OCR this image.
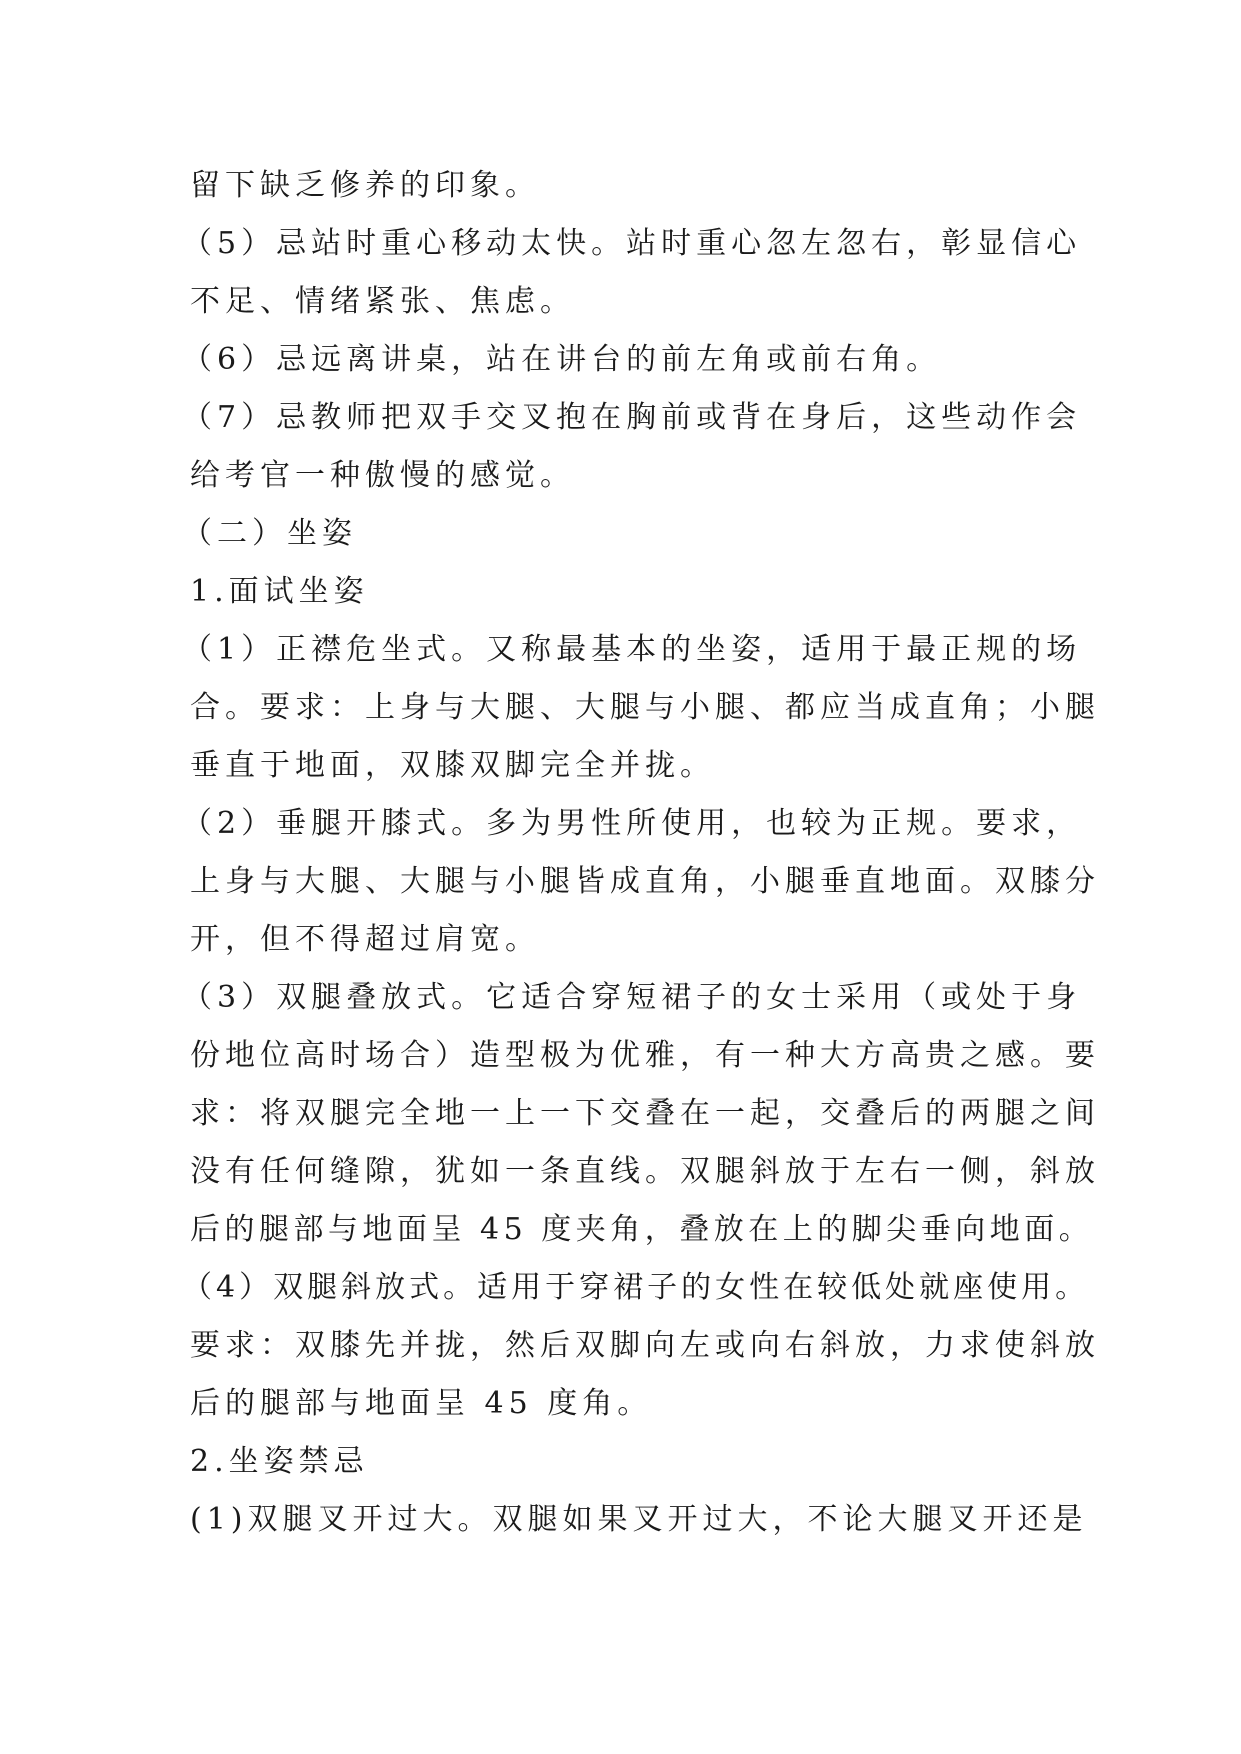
留下缺乏修养的印象。
（5）忌站时重心移动太快。站时重心忽左忽右，彰显信心
不足、情绪紧张、焦虑。
（6）忌远离讲桌，站在讲台的前左角或前右角。
（7）忌教师把双手交叉抱在胸前或背在身后，这些动作会
给考官一种傲慢的感觉。
（二）坐姿
1.面试坐姿
（1）正襟危坐式。又称最基本的坐姿，适用于最正规的场
合。要求：上身与大腿、大腿与小腿、都应当成直角；小腿
垂直于地面，双膝双脚完全并拢。
（2）垂腿开膝式。多为男性所使用，也较为正规。要求，
上身与大腿、大腿与小腿皆成直角，小腿垂直地面。双膝分
开，但不得超过肩宽。
（3）双腿叠放式。它适合穿短裙子的女士采用（或处于身
份地位高时场合）造型极为优雅，有一种大方高贵之感。要
求：将双腿完全地一上一下交叠在一起，交叠后的两腿之间
没有任何缝隙，犹如一条直线。双腿斜放于左右一侧，斜放
后的腿部与地面呈 45 度夹角，叠放在上的脚尖垂向地面。
（4）双腿斜放式。适用于穿裙子的女性在较低处就座使用。
要求：双膝先并拢，然后双脚向左或向右斜放，力求使斜放
后的腿部与地面呈 45 度角。
2.坐姿禁忌
(1)双腿叉开过大。双腿如果叉开过大，不论大腿叉开还是
